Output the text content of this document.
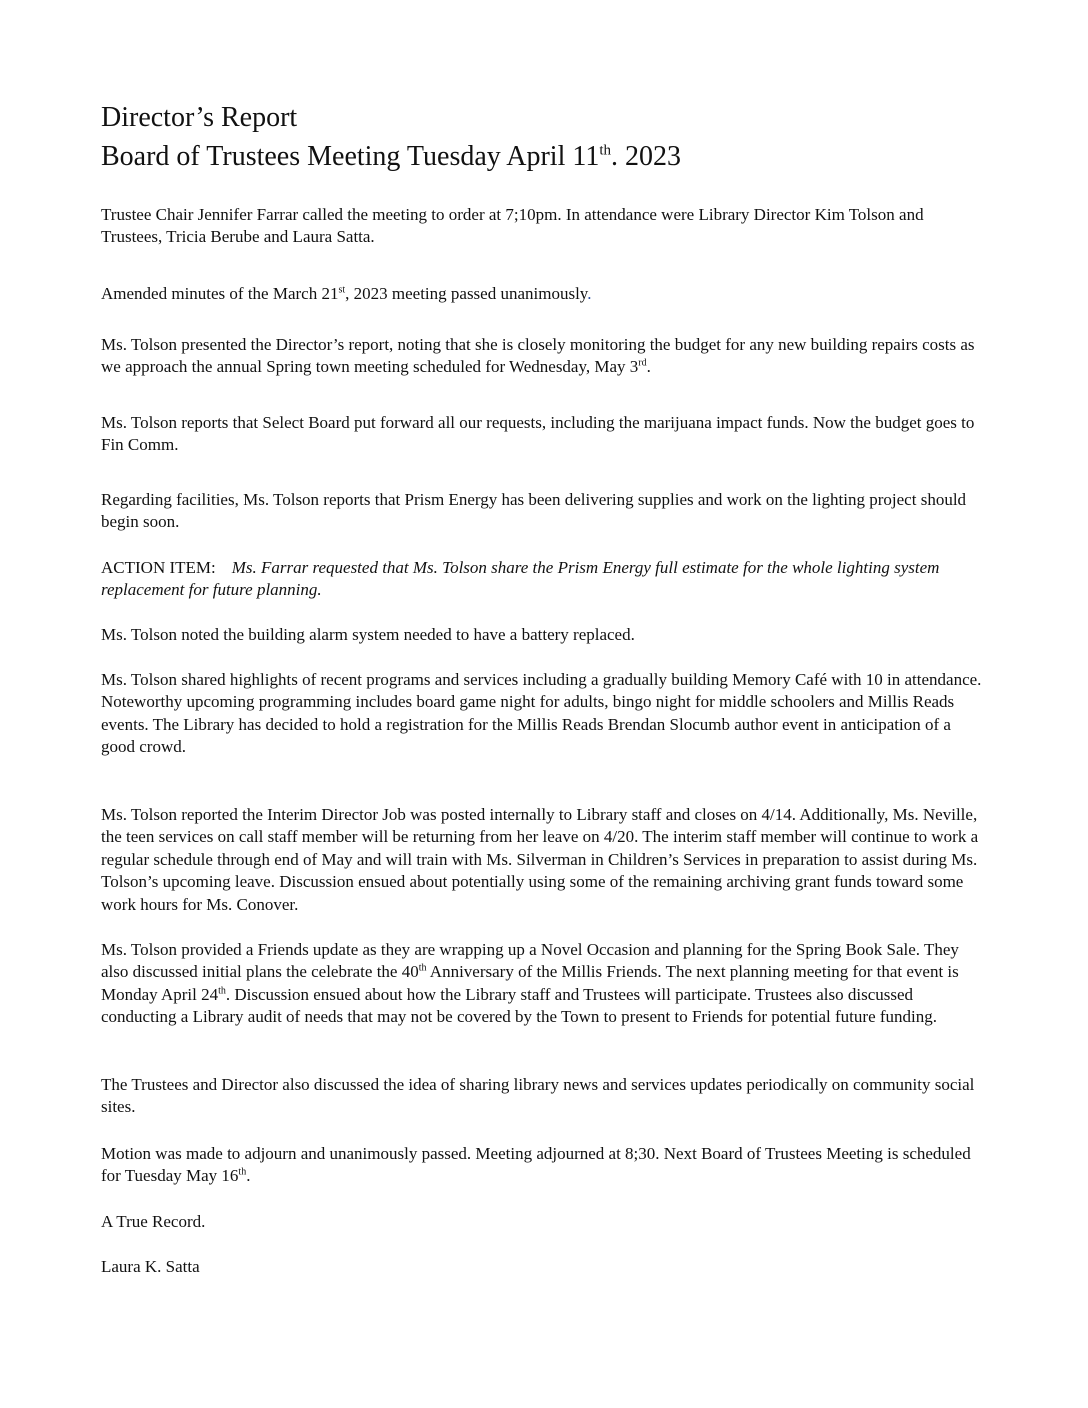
Director’s Report
Board of Trustees Meeting Tuesday April 11th. 2023

Trustee Chair Jennifer Farrar called the meeting to order at 7;10pm. In attendance were Library Director Kim Tolson and Trustees, Tricia Berube and Laura Satta.

Amended minutes of the March 21st, 2023 meeting passed unanimously.

Ms. Tolson presented the Director’s report, noting that she is closely monitoring the budget for any new building repairs costs as we approach the annual Spring town meeting scheduled for Wednesday, May 3rd.

Ms. Tolson reports that Select Board put forward all our requests, including the marijuana impact funds. Now the budget goes to Fin Comm.

Regarding facilities, Ms. Tolson reports that Prism Energy has been delivering supplies and work on the lighting project should begin soon.

ACTION ITEM: Ms. Farrar requested that Ms. Tolson share the Prism Energy full estimate for the whole lighting system replacement for future planning.

Ms. Tolson noted the building alarm system needed to have a battery replaced.

Ms. Tolson shared highlights of recent programs and services including a gradually building Memory Café with 10 in attendance. Noteworthy upcoming programming includes board game night for adults, bingo night for middle schoolers and Millis Reads events. The Library has decided to hold a registration for the Millis Reads Brendan Slocumb author event in anticipation of a good crowd.

Ms. Tolson reported the Interim Director Job was posted internally to Library staff and closes on 4/14. Additionally, Ms. Neville, the teen services on call staff member will be returning from her leave on 4/20. The interim staff member will continue to work a regular schedule through end of May and will train with Ms. Silverman in Children’s Services in preparation to assist during Ms. Tolson’s upcoming leave. Discussion ensued about potentially using some of the remaining archiving grant funds toward some work hours for Ms. Conover.

Ms. Tolson provided a Friends update as they are wrapping up a Novel Occasion and planning for the Spring Book Sale. They also discussed initial plans the celebrate the 40th Anniversary of the Millis Friends. The next planning meeting for that event is Monday April 24th. Discussion ensued about how the Library staff and Trustees will participate. Trustees also discussed conducting a Library audit of needs that may not be covered by the Town to present to Friends for potential future funding.

The Trustees and Director also discussed the idea of sharing library news and services updates periodically on community social sites.

Motion was made to adjourn and unanimously passed. Meeting adjourned at 8;30. Next Board of Trustees Meeting is scheduled for Tuesday May 16th.

A True Record.

Laura K. Satta
